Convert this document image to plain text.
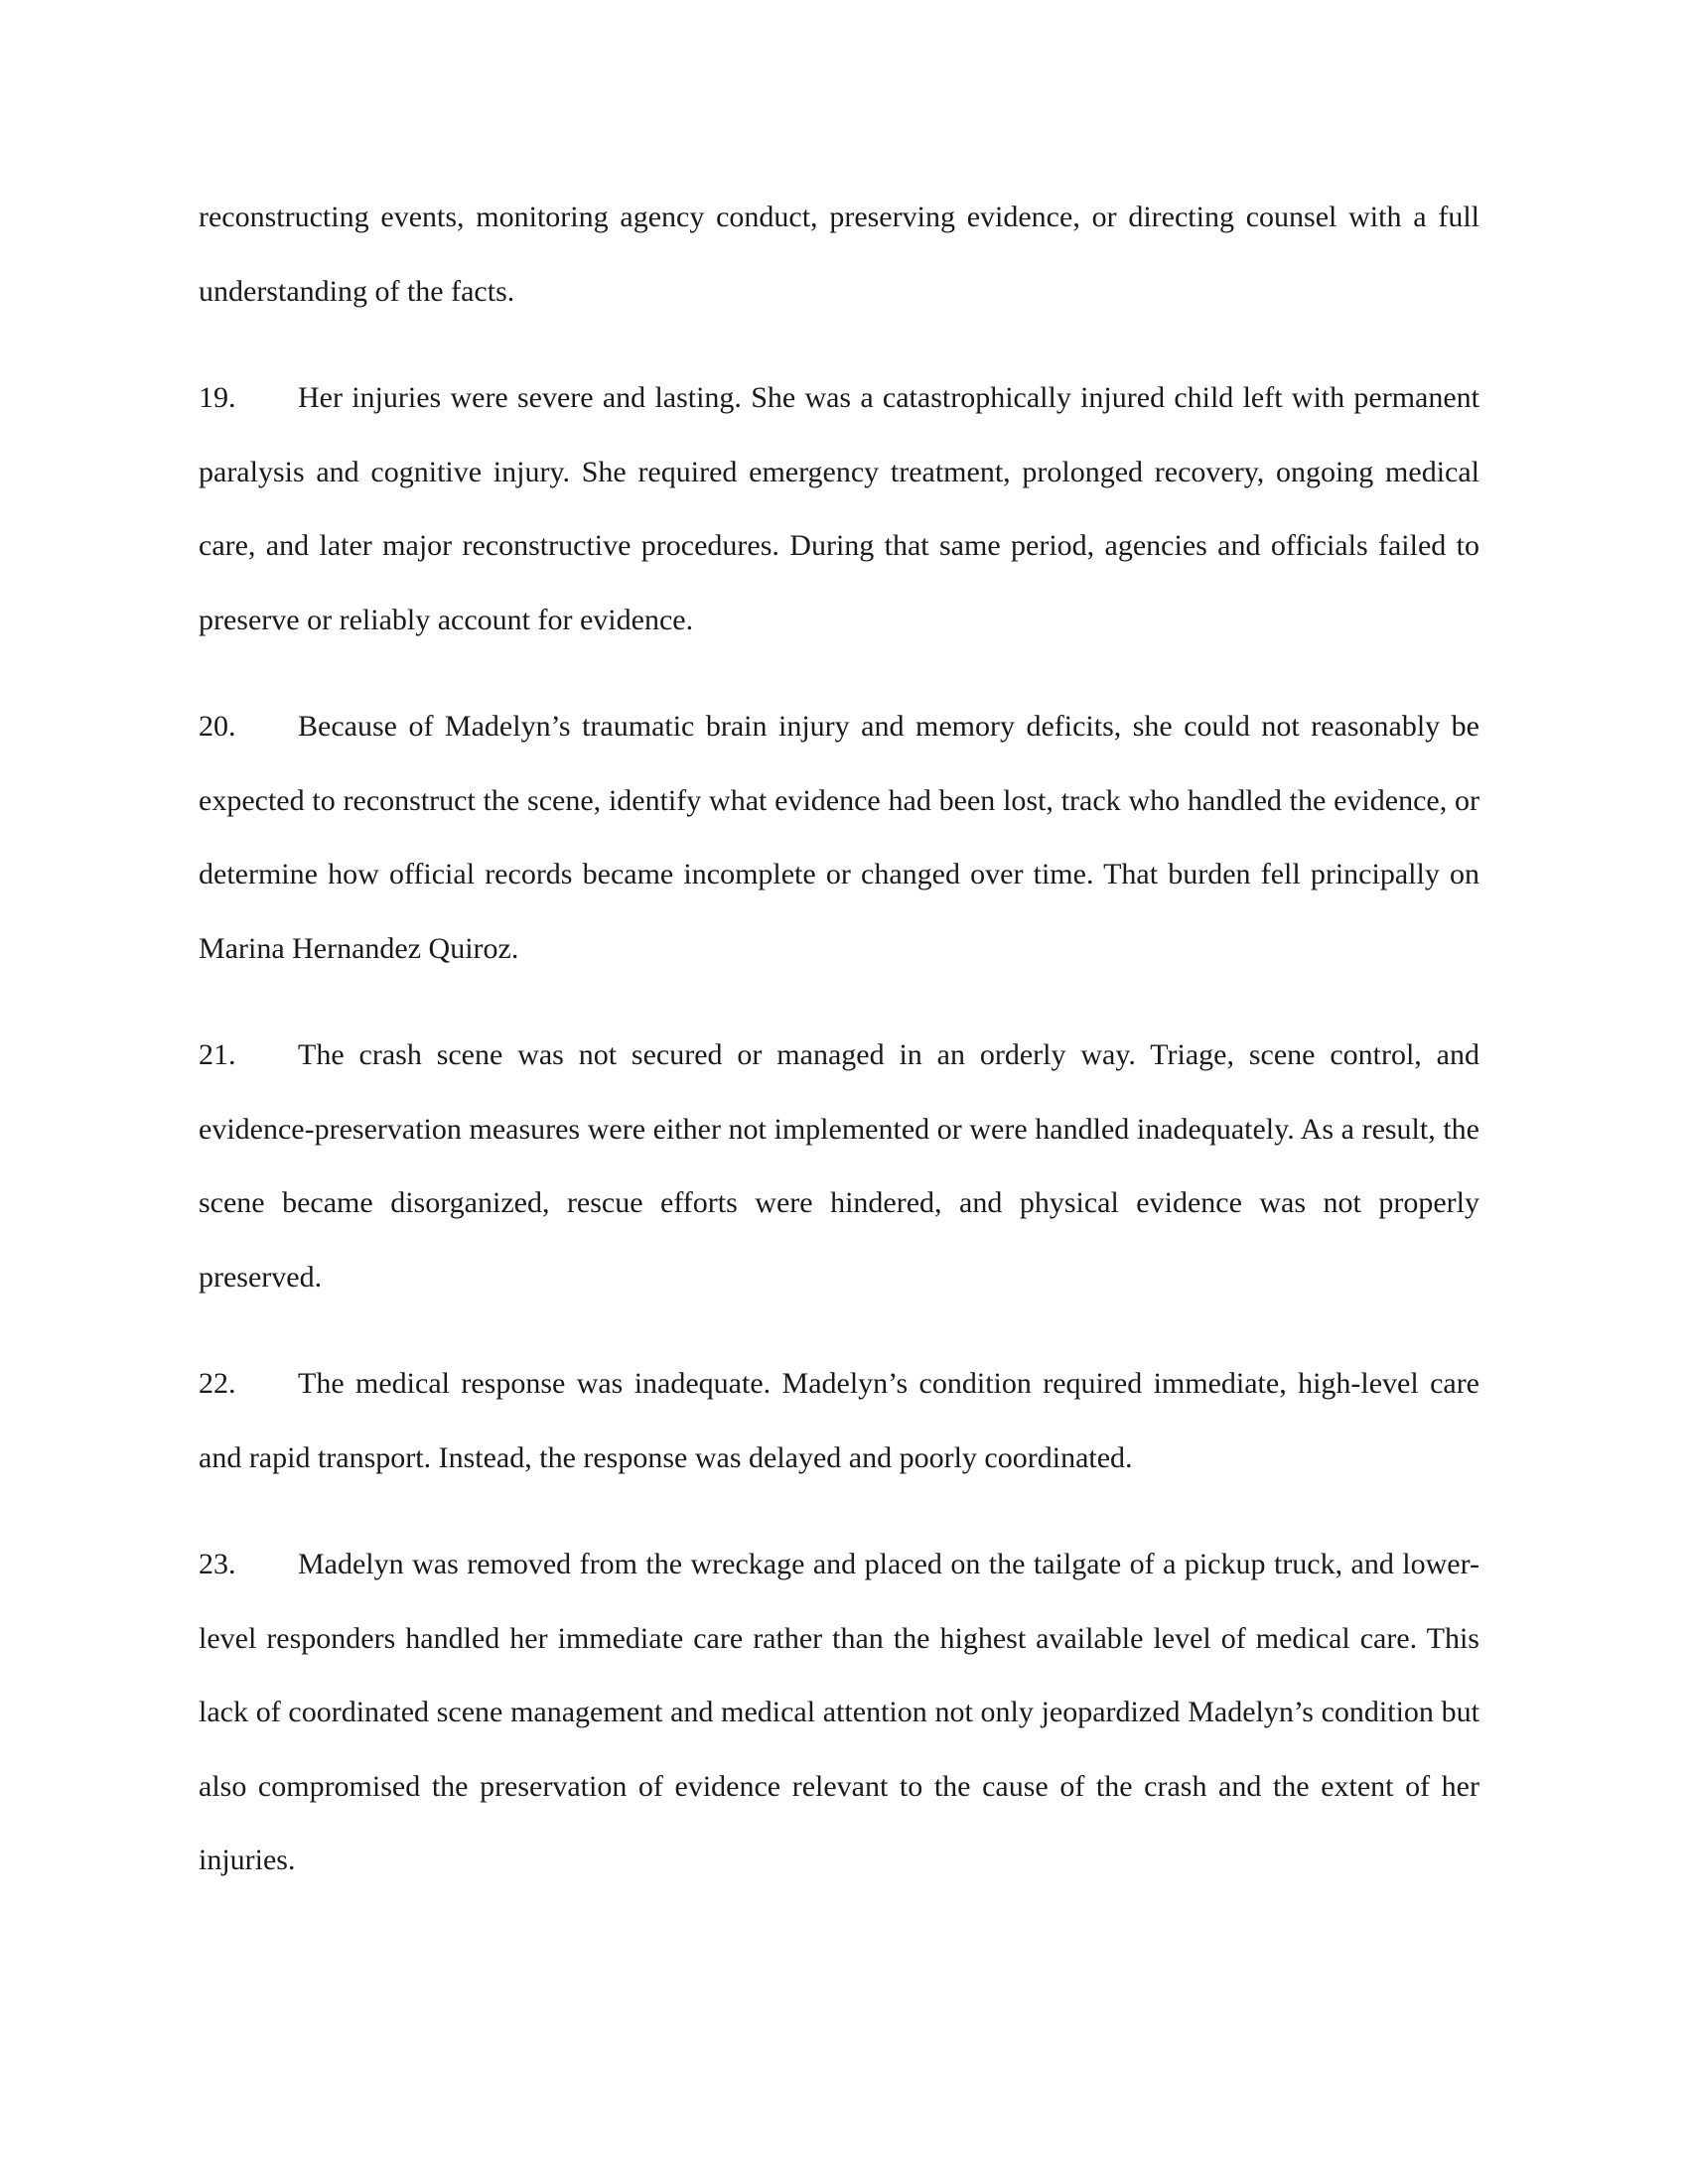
reconstructing events, monitoring agency conduct, preserving evidence, or directing counsel with a full understanding of the facts.

19. Her injuries were severe and lasting. She was a catastrophically injured child left with permanent paralysis and cognitive injury. She required emergency treatment, prolonged recovery, ongoing medical care, and later major reconstructive procedures. During that same period, agencies and officials failed to preserve or reliably account for evidence.

20. Because of Madelyn’s traumatic brain injury and memory deficits, she could not reasonably be expected to reconstruct the scene, identify what evidence had been lost, track who handled the evidence, or determine how official records became incomplete or changed over time. That burden fell principally on Marina Hernandez Quiroz.

21. The crash scene was not secured or managed in an orderly way. Triage, scene control, and evidence-preservation measures were either not implemented or were handled inadequately. As a result, the scene became disorganized, rescue efforts were hindered, and physical evidence was not properly preserved.

22. The medical response was inadequate. Madelyn’s condition required immediate, high-level care and rapid transport. Instead, the response was delayed and poorly coordinated.

23. Madelyn was removed from the wreckage and placed on the tailgate of a pickup truck, and lower-level responders handled her immediate care rather than the highest available level of medical care. This lack of coordinated scene management and medical attention not only jeopardized Madelyn’s condition but also compromised the preservation of evidence relevant to the cause of the crash and the extent of her injuries.
